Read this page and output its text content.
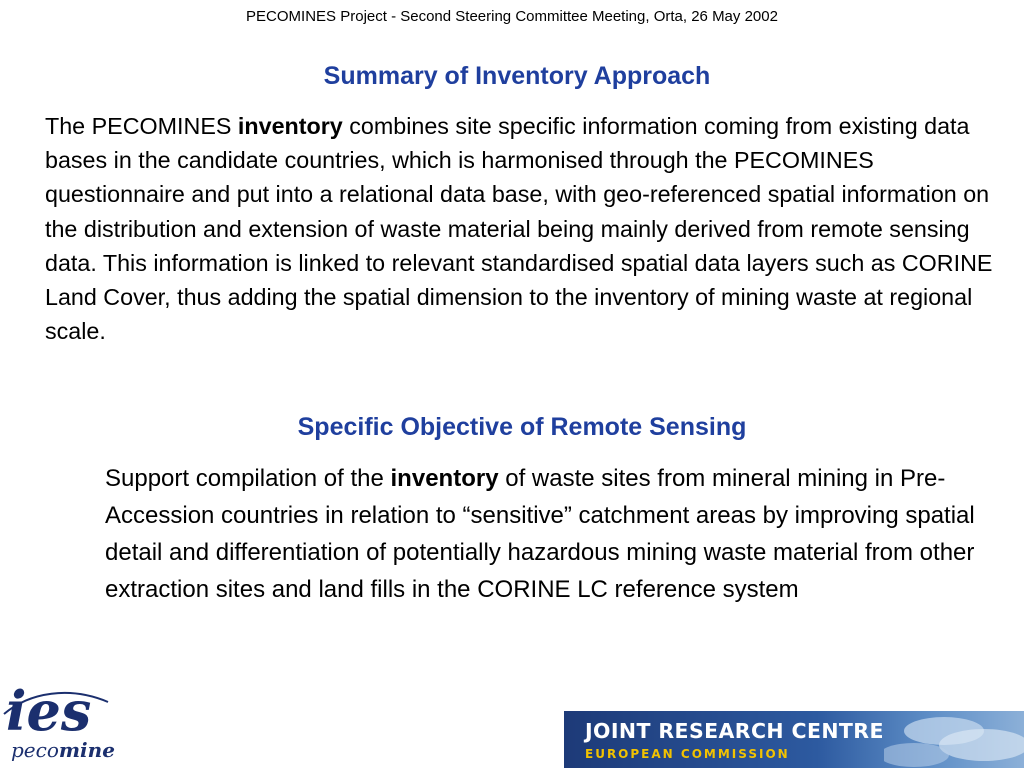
PECOMINES Project - Second Steering Committee Meeting, Orta, 26 May 2002
Summary of Inventory Approach
The PECOMINES inventory combines site specific information coming from existing data bases in the candidate countries, which is harmonised through the PECOMINES questionnaire and put into a relational data base, with geo-referenced spatial information on the distribution and extension of waste material being mainly derived from remote sensing data. This information is linked to relevant standardised spatial data layers such as CORINE Land Cover, thus adding the spatial dimension to the inventory of mining waste at regional scale.
Specific Objective of Remote Sensing
Support compilation of the inventory of waste sites from mineral mining in Pre-Accession countries in relation to “sensitive” catchment areas by improving spatial detail and differentiation of potentially hazardous mining waste material from other extraction sites and land fills in the CORINE LC reference system
ies
pecomine
JOINT RESEARCH CENTRE
EUROPEAN COMMISSION
